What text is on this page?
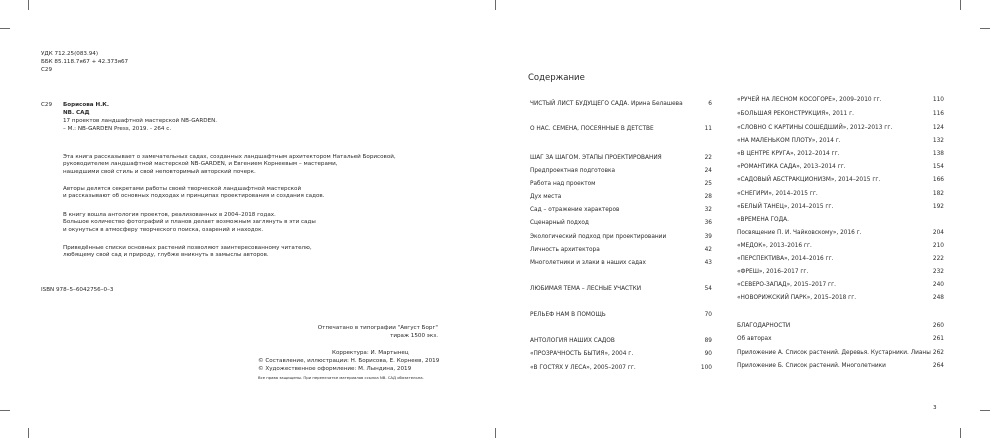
УДК 712.25(083.94)
ББК 85.118.7я67 + 42.373я67
С29
С29 Борисова Н.К.
NB. САД
17 проектов ландшафтной мастерской NB-GARDEN.
– М.: NB-GARDEN Press, 2019. - 264 с.
Эта книга рассказывает о замечательных садах, созданных ландшафтным архитектором Натальей Борисовой,
руководителем ландшафтной мастерской NB-GARDEN, и Евгением Корнеевым – мастерами,
нашедшими свой стиль и свой неповторимый авторский почерк.
Авторы делятся секретами работы своей творческой ландшафтной мастерской
и рассказывают об основных подходах и принципах проектирования и создания садов.
В книгу вошла антология проектов, реализованных в 2004–2018 годах.
Большое количество фотографий и планов делает возможным заглянуть в эти сады
и окунуться в атмосферу творческого поиска, озарений и находок.
Приведённые списки основных растений позволяют заинтересованному читателю,
любящему свой сад и природу, глубже вникнуть в замыслы авторов.
ISBN 978–5–6042756–0–3
Отпечатано в типографии "Август Борг"
тираж 1500 экз.
Корректура: И. Мартынец
© Составление, иллюстрации: Н. Борисова, Е. Корнеев, 2019
© Художественное оформление: М. Лындина, 2019
Все права защищены. При перепечатке материалов ссылка NB. САД обязательна.
Содержание
ЧИСТЫЙ ЛИСТ БУДУЩЕГО САДА. Ирина Белашева	6
О НАС. СЕМЕНА, ПОСЕЯННЫЕ В ДЕТСТВЕ	11
ШАГ ЗА ШАГОМ. ЭТАПЫ ПРОЕКТИРОВАНИЯ	22
Предпроектная подготовка	24
Работа над проектом	25
Дух места	28
Сад – отражение характеров	32
Сценарный подход	36
Экологический подход при проектировании	39
Личность архитектора	42
Многолетники и злаки в наших садах	43
ЛЮБИМАЯ ТЕМА – ЛЕСНЫЕ УЧАСТКИ	54
РЕЛЬЕФ НАМ В ПОМОЩЬ	70
АНТОЛОГИЯ НАШИХ САДОВ	89
«ПРОЗРАЧНОСТЬ БЫТИЯ», 2004 г.	90
«В ГОСТЯХ У ЛЕСА», 2005–2007 гг.	100
«РУЧЕЙ НА ЛЕСНОМ КОСОГОРЕ», 2009–2010 гг.	110
«БОЛЬШАЯ РЕКОНСТРУКЦИЯ», 2011 г.	116
«СЛОВНО С КАРТИНЫ СОШЕДШИЙ», 2012–2013 гг.	124
«НА МАЛЕНЬКОМ ПЛОТУ», 2014 г.	132
«В ЦЕНТРЕ КРУГА», 2012–2014 гг.	138
«РОМАНТИКА САДА», 2013–2014 гг.	154
«САДОВЫЙ АБСТРАКЦИОНИЗМ», 2014–2015 гг.	166
«СНЕГИРИ», 2014–2015 гг.	182
«БЕЛЫЙ ТАНЕЦ», 2014–2015 гг.	192
«ВРЕМЕНА ГОДА.
Посвящение П. И. Чайковскому», 2016 г.	204
«МЕДОК», 2013–2016 гг.	210
«ПЕРСПЕКТИВА», 2014–2016 гг.	222
«ФРЕШ», 2016–2017 гг.	232
«СЕВЕРО-ЗАПАД», 2015–2017 гг.	240
«НОВОРИЖСКИЙ ПАРК», 2015–2018 гг.	248
БЛАГОДАРНОСТИ	260
Об авторах	261
Приложение А. Список растений. Деревья. Кустарники. Лианы 262
Приложение Б. Список растений. Многолетники	264
3
